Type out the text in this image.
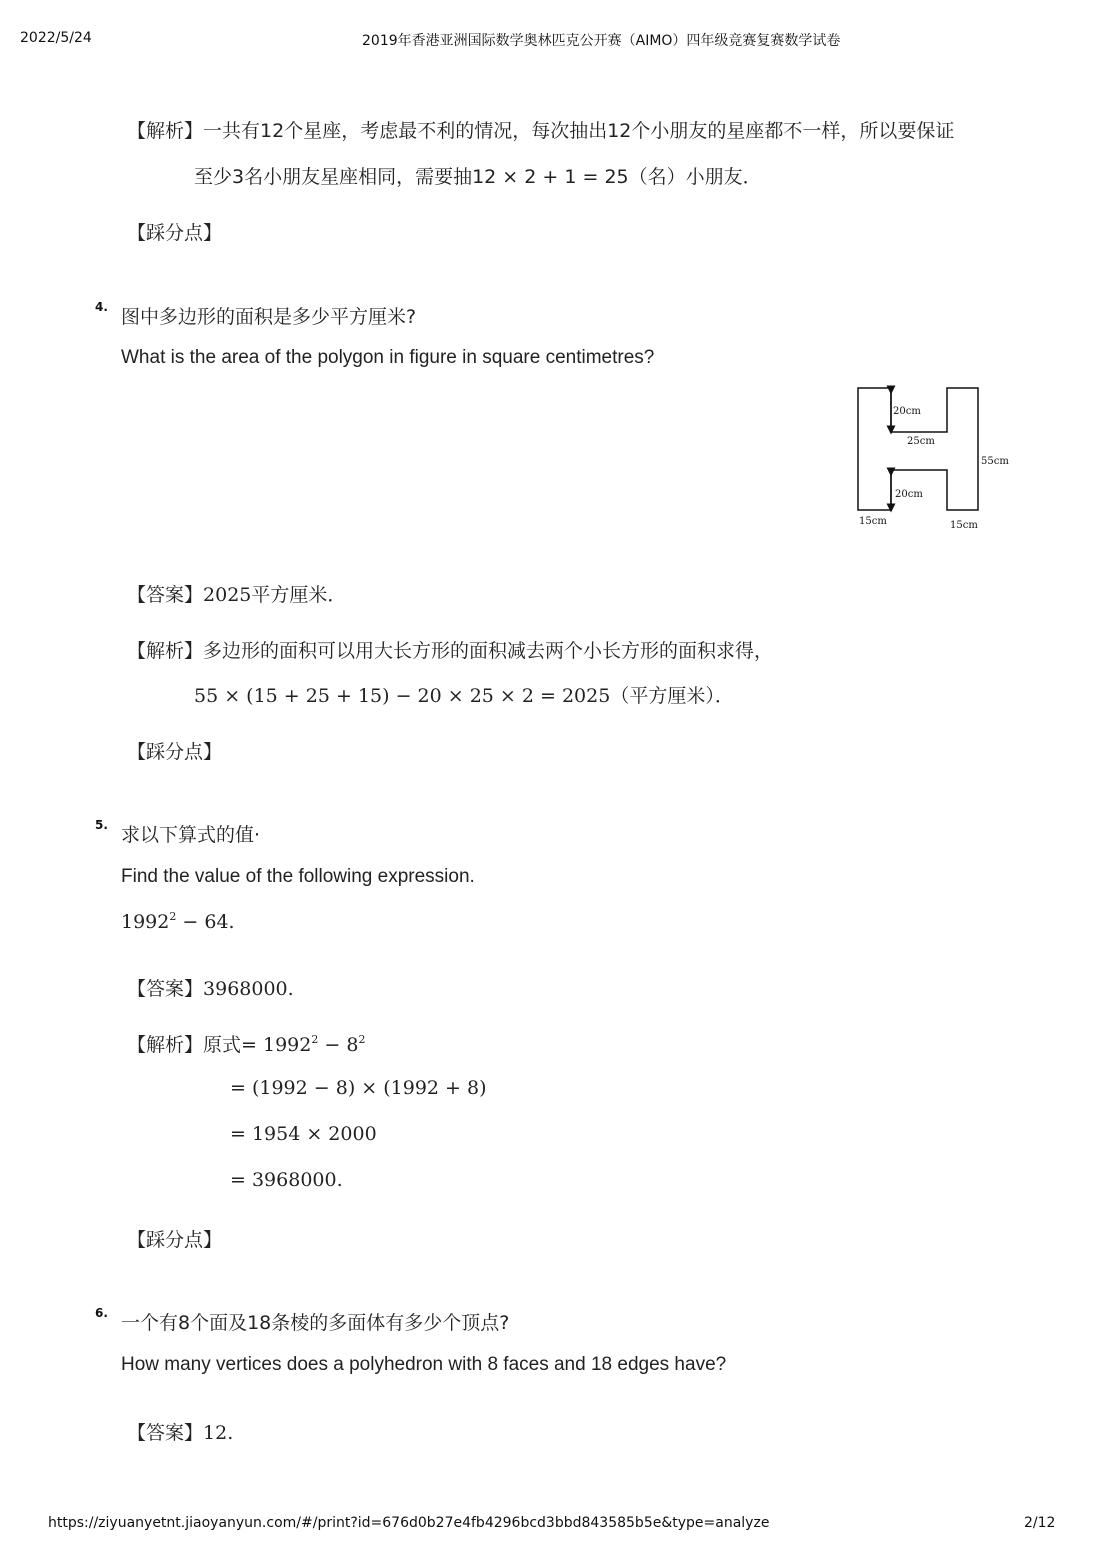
2022/5/24	2019年香港亚洲国际数学奥林匹克公开赛（AIMO）四年级竞赛复赛数学试卷
【解析】一共有12个星座，考虑最不利的情况，每次抽出12个小朋友的星座都不一样，所以要保证
至少3名小朋友星座相同，需要抽12 × 2 + 1 = 25（名）小朋友．
【踩分点】
4. 图中多边形的面积是多少平方厘米?
What is the area of the polygon in figure in square centimetres?
20cm
25cm
55cm
20cm
15cm	15cm
【答案】2025平方厘米．
【解析】多边形的面积可以用大长方形的面积减去两个小长方形的面积求得，
55 × (15 + 25 + 15) − 20 × 25 × 2 = 2025（平方厘米）．
【踩分点】
5. 求以下算式的值·
Find the value of the following expression.
$1992^2 - 64$.
【答案】3968000.
【解析】原式= $1992^2 - 8^2$
= (1992 − 8) × (1992 + 8)
= 1954 × 2000
= 3968000.
【踩分点】
6. 一个有8个面及18条棱的多面体有多少个顶点?
How many vertices does a polyhedron with 8 faces and 18 edges have?
【答案】12.
https://ziyuanyetnt.jiaoyanyun.com/#/print?id=676d0b27e4fb4296bcd3bbd843585b5e&type=analyze	2/12
